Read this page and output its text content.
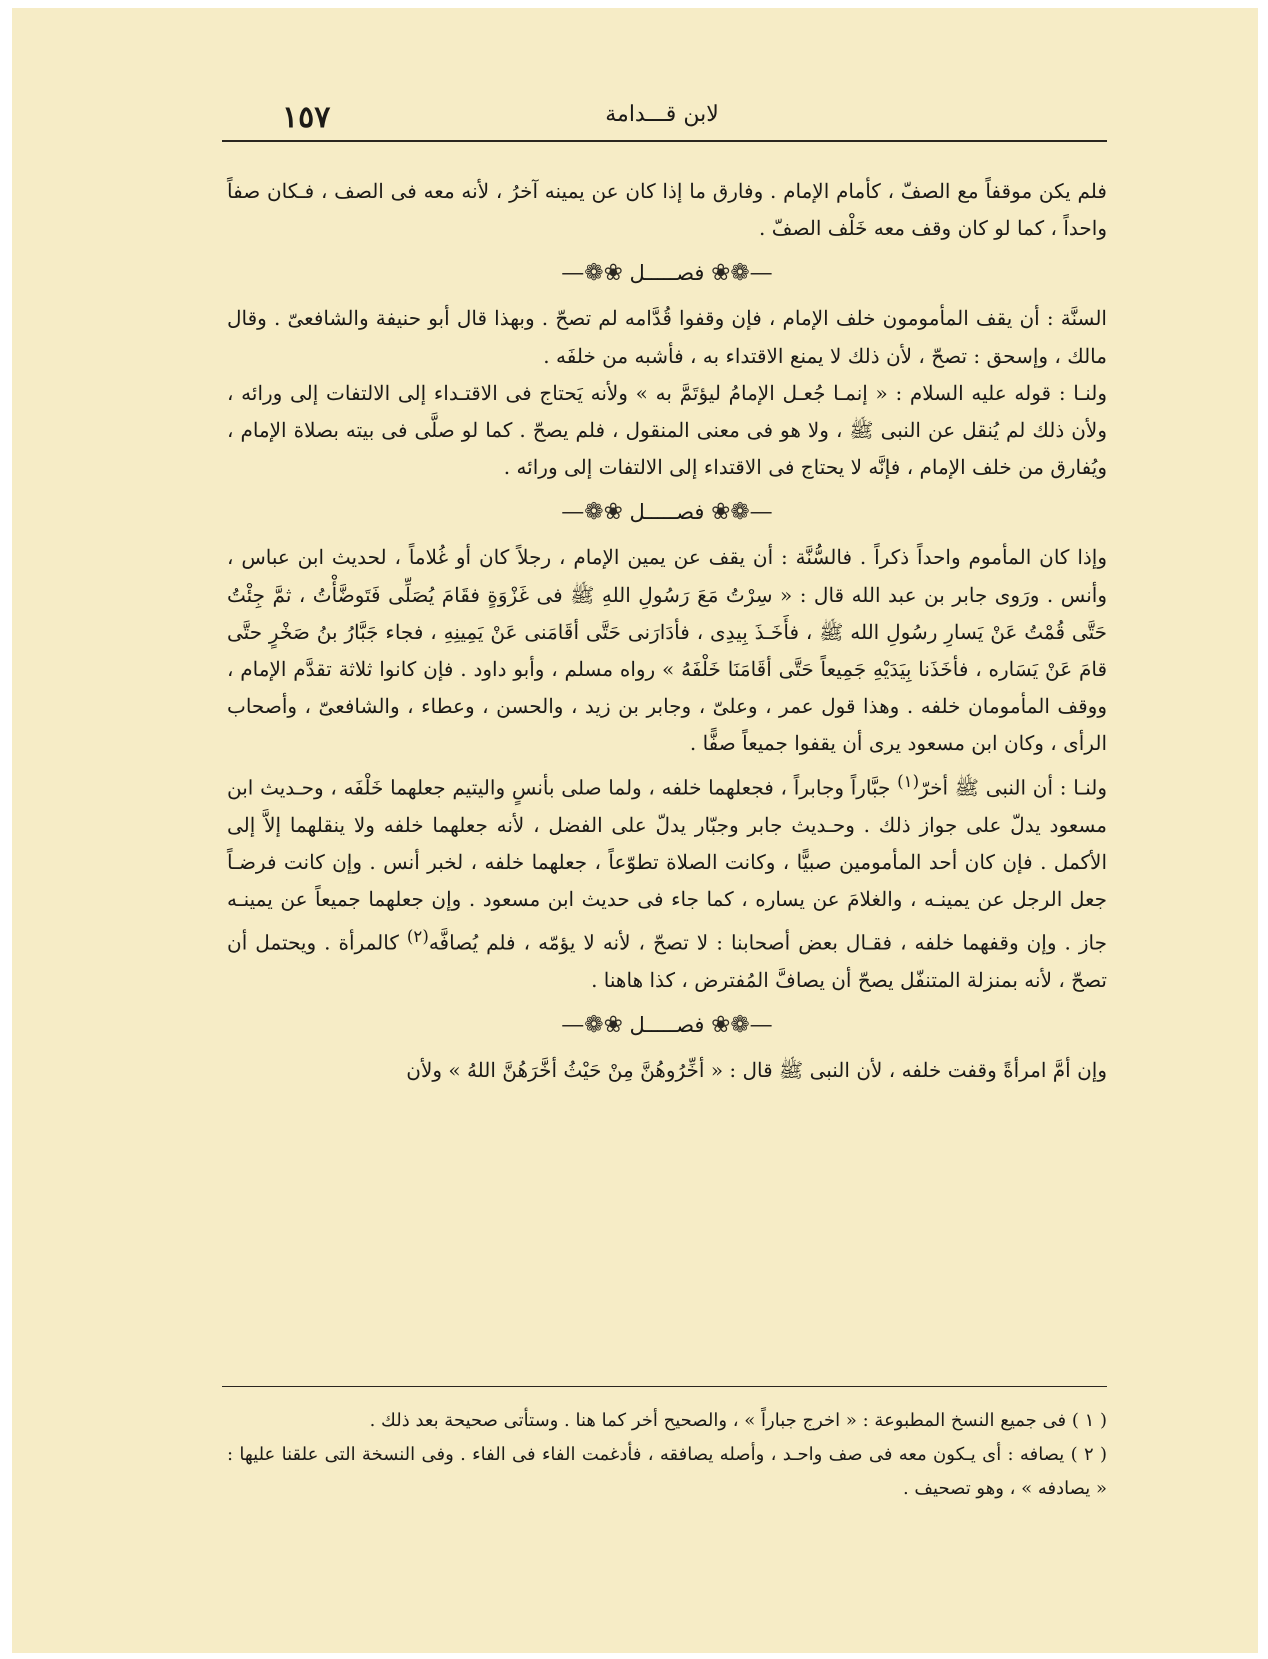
١٥٧	لابن قـــدامة

فلم يكن موقفاً مع الصفّ ، كأمام الإمام . وفارق ما إذا كان عن يمينه آخرُ ، لأنه معه فى الصف ، فـكان صفاً واحداً ، كما لو كان وقف معه خَلْف الصفّ .

—❁❀ فصـــــل ❀❁—

السنَّة : أن يقف المأمومون خلف الإمام ، فإن وقفوا قُدَّامه لم تصحّ . وبهذا قال أبو حنيفة والشافعىّ . وقال مالك ، وإسحق : تصحّ ، لأن ذلك لا يمنع الاقتداء به ، فأشبه من خلفَه .

ولنـا : قوله عليه السلام : « إنمـا جُعـل الإمامُ ليؤتَمَّ به » ولأنه يَحتاج فى الاقتـداء إلى الالتفات إلى ورائه ، ولأن ذلك لم يُنقل عن النبى ﷺ ، ولا هو فى معنى المنقول ، فلم يصحّ . كما لو صلَّى فى بيته بصلاة الإمام ، ويُفارق من خلف الإمام ، فإنَّه لا يحتاج فى الاقتداء إلى الالتفات إلى ورائه .

—❁❀ فصـــــل ❀❁—

وإذا كان المأموم واحداً ذكراً . فالسُّنَّة : أن يقف عن يمين الإمام ، رجلاً كان أو غُلاماً ، لحديث ابن عباس ، وأنس . ورَوى جابر بن عبد الله قال : « سِرْتُ مَعَ رَسُولِ اللهِ ﷺ فى غَزْوَةٍ فقَامَ يُصَلِّى فَتَوضَّأْتُ ، ثمَّ جِئْتُ حَتَّى قُمْتُ عَنْ يَسارِ رسُولِ الله ﷺ ، فأَخَـذَ بِيدِى ، فأدَارَنى حَتَّى أقَامَنى عَنْ يَمِينِهِ ، فجاء جَبَّارُ بنُ صَخْرٍ حتَّى قامَ عَنْ يَسَاره ، فأخَذَنا بِيَدَيْهِ جَمِيعاً حَتَّى أقَامَنَا خَلْفَهُ » رواه مسلم ، وأبو داود . فإن كانوا ثلاثة تقدَّم الإمام ، ووقف المأمومان خلفه . وهذا قول عمر ، وعلىّ ، وجابر بن زيد ، والحسن ، وعطاء ، والشافعىّ ، وأصحاب الرأى ، وكان ابن مسعود يرى أن يقفوا جميعاً صفًّا .

ولنـا : أن النبى ﷺ أخرّ$^{(١)}$ جبَّاراً وجابراً ، فجعلهما خلفه ، ولما صلى بأنسٍ واليتيم جعلهما خَلْفَه ، وحـديث ابن مسعود يدلّ على جواز ذلك . وحـديث جابر وجبّار يدلّ على الفضل ، لأنه جعلهما خلفه ولا ينقلهما إلاَّ إلى الأكمل . فإن كان أحد المأمومين صبيًّا ، وكانت الصلاة تطوّعاً ، جعلهما خلفه ، لخبر أنس . وإن كانت فرضـاً جعل الرجل عن يمينـه ، والغلامَ عن يساره ، كما جاء فى حديث ابن مسعود . وإن جعلهما جميعاً عن يمينـه جاز . وإن وقفهما خلفه ، فقـال بعض أصحابنا : لا تصحّ ، لأنه لا يؤمّه ، فلم يُصافَّه$^{(٢)}$ كالمرأة . ويحتمل أن تصحّ ، لأنه بمنزلة المتنفّل يصحّ أن يصافَّ المُفترض ، كذا هاهنا .

—❁❀ فصـــــل ❀❁—

وإن أمَّ امرأةً وقفت خلفه ، لأن النبى ﷺ قال : « أخِّرُوهُنَّ مِنْ حَيْثُ أخَّرَهُنَّ اللهُ » ولأن

( ١ ) فى جميع النسخ المطبوعة : « اخرج جباراً » ، والصحيح أخر كما هنا . وستأتى صحيحة بعد ذلك .

( ٢ ) يصافه : أى يـكون معه فى صف واحـد ، وأصله يصافقه ، فأدغمت الفاء فى الفاء . وفى النسخة التى علقنا عليها : « يصادفه » ، وهو تصحيف .
